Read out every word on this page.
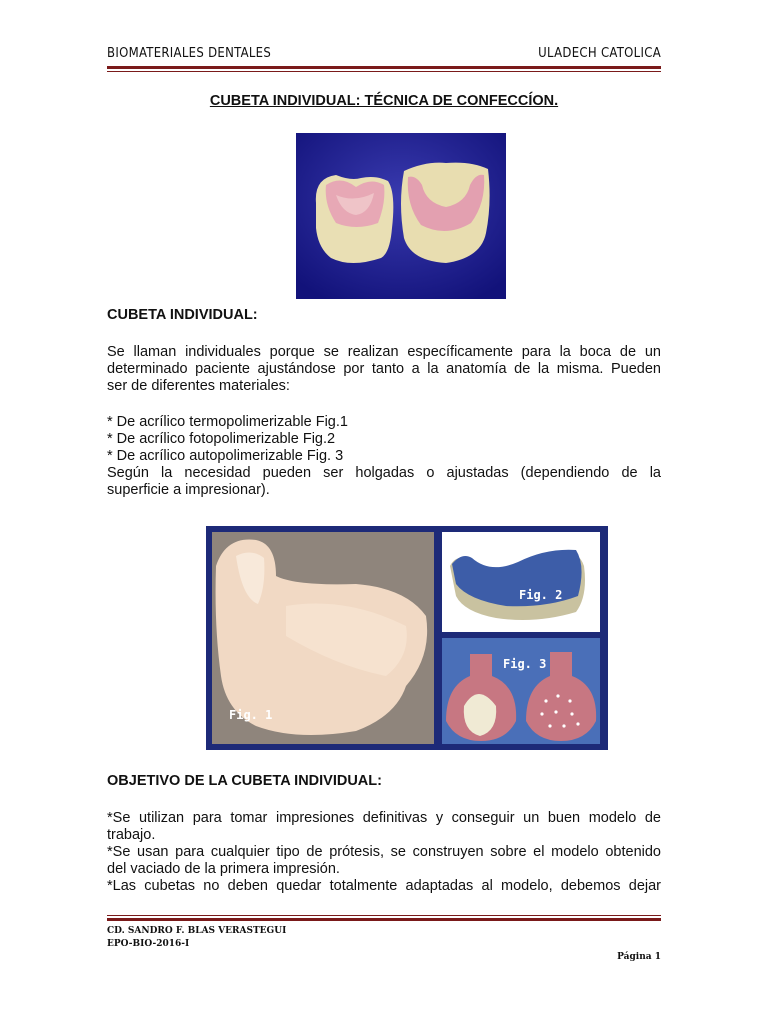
BIOMATERIALES DENTALES	ULADECH CATOLICA
CUBETA INDIVIDUAL: TÉCNICA DE CONFECCÍON.
CUBETA INDIVIDUAL:

Se llaman individuales porque se realizan específicamente para la boca de un

determinado paciente ajustándose por tanto a la anatomía de la misma. Pueden

ser de diferentes materiales:

* De acrílico termopolimerizable Fig.1

* De acrílico fotopolimerizable Fig.2

* De acrílico autopolimerizable Fig. 3

Según la necesidad pueden ser holgadas o ajustadas (dependiendo de la

superficie a impresionar).

Fig. 1
Fig. 2
Fig. 3
OBJETIVO DE LA CUBETA INDIVIDUAL:

*Se utilizan para tomar impresiones definitivas y conseguir un buen modelo de

trabajo.

*Se usan para cualquier tipo de prótesis, se construyen sobre el modelo obtenido

del vaciado de la primera impresión.

*Las cubetas no deben quedar totalmente adaptadas al modelo, debemos dejar

CD. SANDRO F. BLAS VERASTEGUI
EPO-BIO-2016-I
Página 1
